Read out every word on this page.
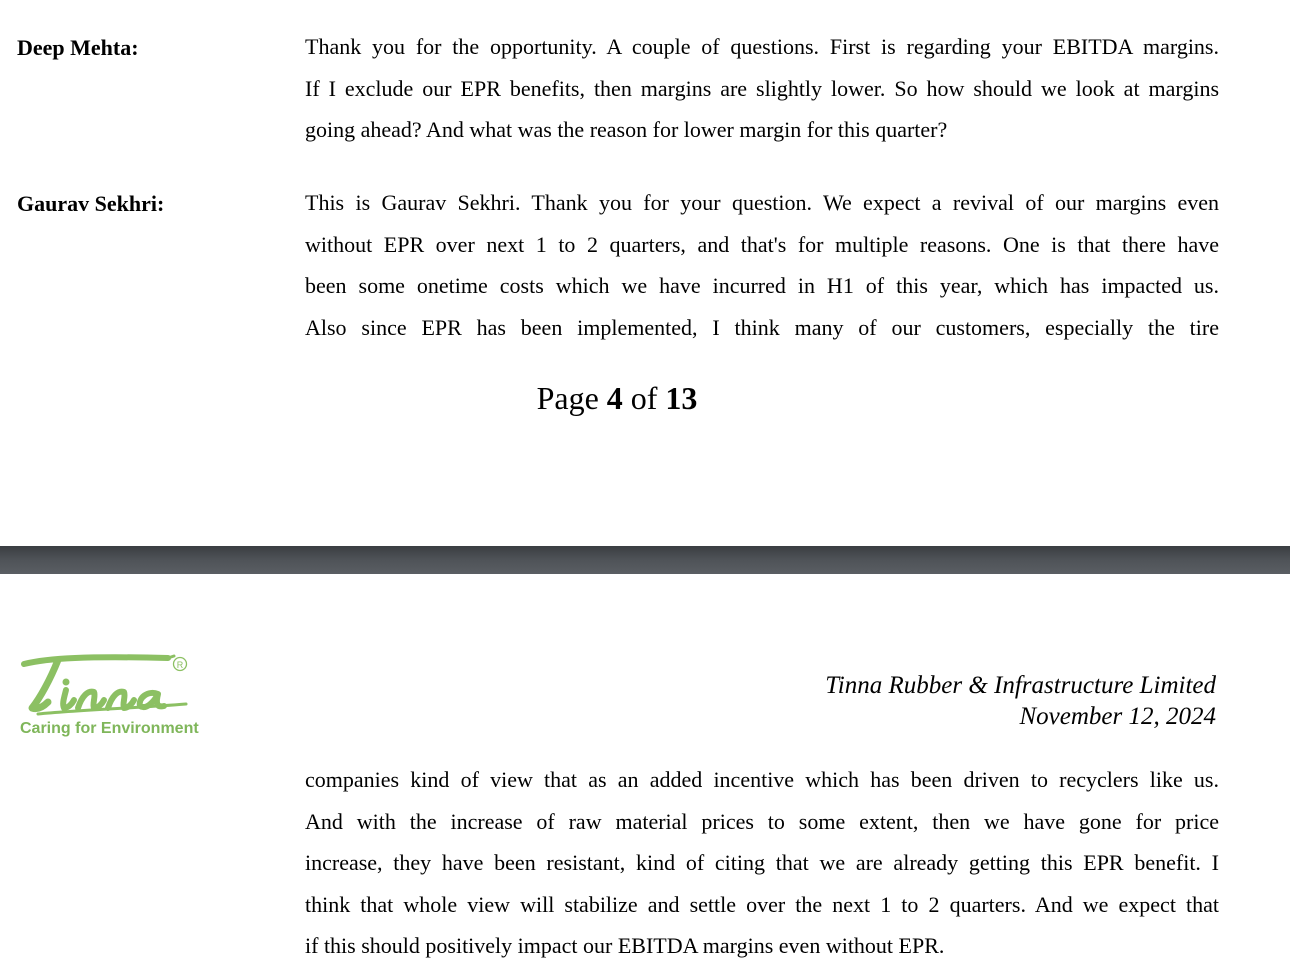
Deep Mehta:	Thank you for the opportunity. A couple of questions. First is regarding your EBITDA margins.
If I exclude our EPR benefits, then margins are slightly lower. So how should we look at margins
going ahead? And what was the reason for lower margin for this quarter?
Gaurav Sekhri:	This is Gaurav Sekhri. Thank you for your question. We expect a revival of our margins even
without EPR over next 1 to 2 quarters, and that's for multiple reasons. One is that there have
been some onetime costs which we have incurred in H1 of this year, which has impacted us.
Also since EPR has been implemented, I think many of our customers, especially the tire
Page 4 of 13
R
Caring for Environment
Tinna Rubber & Infrastructure Limited
November 12, 2024
companies kind of view that as an added incentive which has been driven to recyclers like us.
And with the increase of raw material prices to some extent, then we have gone for price
increase, they have been resistant, kind of citing that we are already getting this EPR benefit. I
think that whole view will stabilize and settle over the next 1 to 2 quarters. And we expect that
if this should positively impact our EBITDA margins even without EPR.
